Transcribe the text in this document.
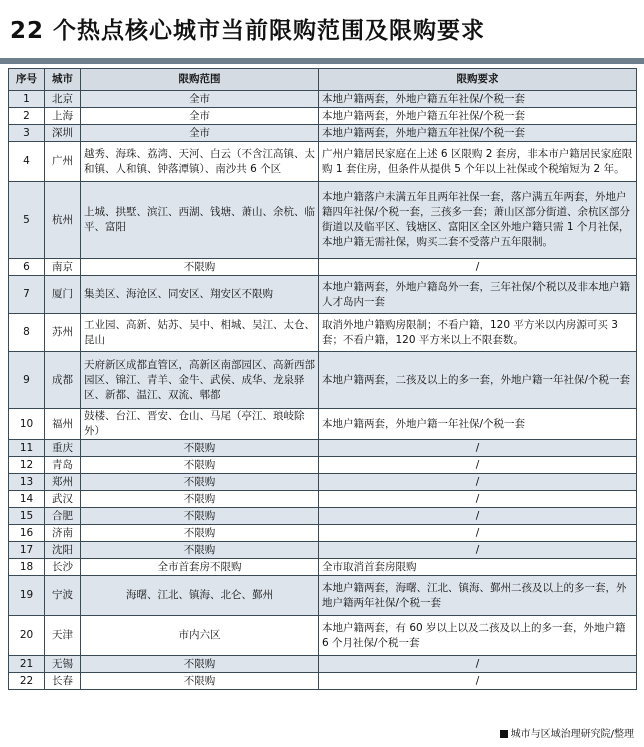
22 个热点核心城市当前限购范围及限购要求
序号	城市	限购范围	限购要求
1	北京	全市	本地户籍两套，外地户籍五年社保/个税一套
2	上海	全市	本地户籍两套，外地户籍五年社保/个税一套
3	深圳	全市	本地户籍两套，外地户籍五年社保/个税一套
4	广州	越秀、海珠、荔湾、天河、白云（不含江高镇、太和镇、人和镇、钟落潭镇）、南沙共 6 个区	广州户籍居民家庭在上述 6 区限购 2 套房，非本市户籍居民家庭限购 1 套住房，但条件从提供 5 个年以上社保或个税缩短为 2 年。
5	杭州	上城、拱墅、滨江、西湖、钱塘、萧山、余杭、临平、富阳	本地户籍落户未满五年且两年社保一套，落户满五年两套，外地户籍四年社保/个税一套，三孩多一套；萧山区部分街道、余杭区部分街道以及临平区、钱塘区、富阳区全区外地户籍只需 1 个月社保，本地户籍无需社保，购买二套不受落户五年限制。
6	南京	不限购	/
7	厦门	集美区、海沧区、同安区、翔安区不限购	本地户籍两套，外地户籍岛外一套，三年社保/个税以及非本地户籍人才岛内一套
8	苏州	工业园、高新、姑苏、吴中、相城、吴江、太仓、昆山	取消外地户籍购房限制；不看户籍，120 平方米以内房源可买 3 套；不看户籍，120 平方米以上不限套数。
9	成都	天府新区成都直管区，高新区南部园区、高新西部园区、锦江、青羊、金牛、武侯、成华、龙泉驿区、新都、温江、双流、郫都	本地户籍两套，二孩及以上的多一套，外地户籍一年社保/个税一套
10	福州	鼓楼、台江、晋安、仓山、马尾（亭江、琅岐除外）	本地户籍两套，外地户籍一年社保/个税一套
11	重庆	不限购	/
12	青岛	不限购	/
13	郑州	不限购	/
14	武汉	不限购	/
15	合肥	不限购	/
16	济南	不限购	/
17	沈阳	不限购	/
18	长沙	全市首套房不限购	全市取消首套房限购
19	宁波	海曙、江北、镇海、北仑、鄞州	本地户籍两套，海曙、江北、镇海、鄞州二孩及以上的多一套，外地户籍两年社保/个税一套
20	天津	市内六区	本地户籍两套，有 60 岁以上以及二孩及以上的多一套，外地户籍 6 个月社保/个税一套
21	无锡	不限购	/
22	长春	不限购	/
城市与区域治理研究院/整理
